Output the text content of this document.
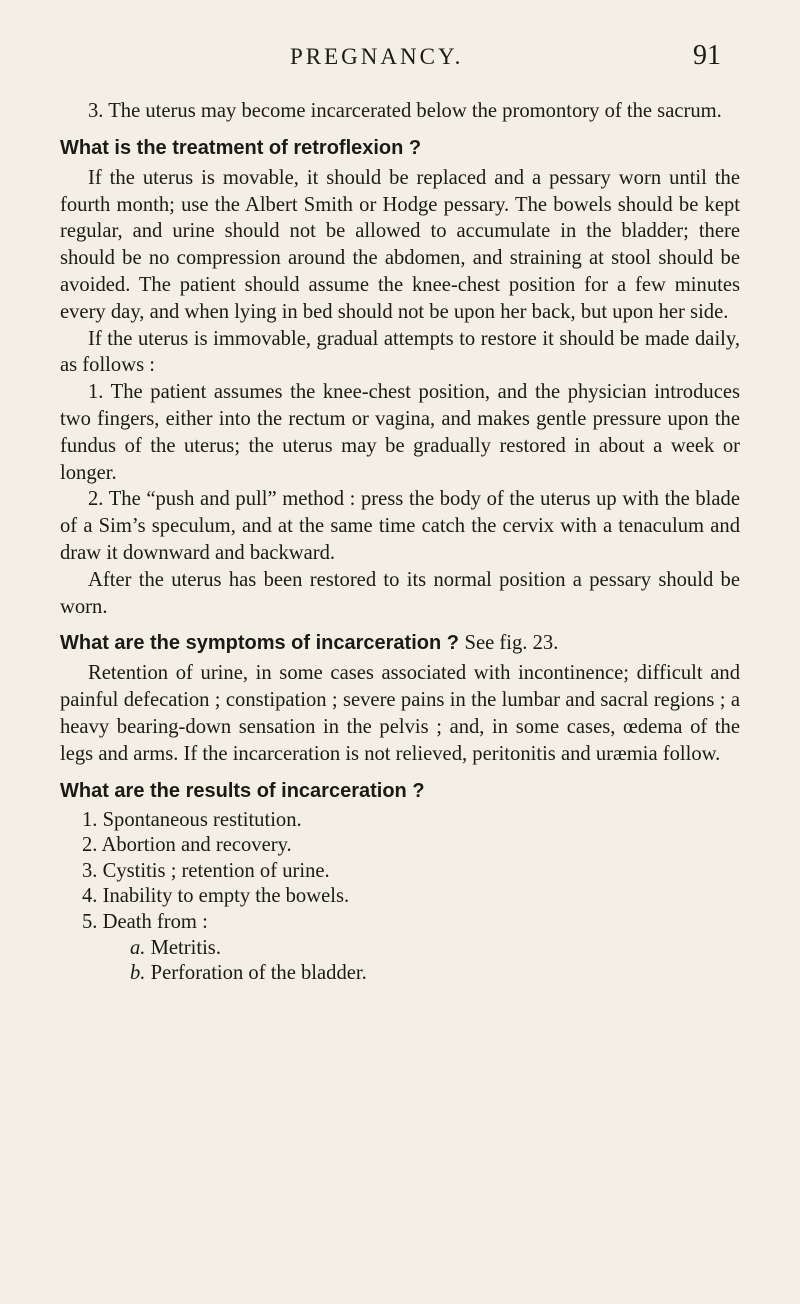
PREGNANCY.	91

3. The uterus may become incarcerated below the promontory of the sacrum.

What is the treatment of retroflexion ?

If the uterus is movable, it should be replaced and a pessary worn until the fourth month; use the Albert Smith or Hodge pessary. The bowels should be kept regular, and urine should not be allowed to accumulate in the bladder; there should be no compression around the abdomen, and straining at stool should be avoided. The patient should assume the knee-chest position for a few minutes every day, and when lying in bed should not be upon her back, but upon her side.

If the uterus is immovable, gradual attempts to restore it should be made daily, as follows :

1. The patient assumes the knee-chest position, and the physician introduces two fingers, either into the rectum or vagina, and makes gentle pressure upon the fundus of the uterus; the uterus may be gradually restored in about a week or longer.

2. The “push and pull” method : press the body of the uterus up with the blade of a Sim’s speculum, and at the same time catch the cervix with a tenaculum and draw it downward and backward.

After the uterus has been restored to its normal position a pessary should be worn.

What are the symptoms of incarceration ? See fig. 23.

Retention of urine, in some cases associated with incontinence; difficult and painful defecation ; constipation ; severe pains in the lumbar and sacral regions ; a heavy bearing-down sensation in the pelvis ; and, in some cases, œdema of the legs and arms. If the incarceration is not relieved, peritonitis and uræmia follow.

What are the results of incarceration ?
1. Spontaneous restitution.
2. Abortion and recovery.
3. Cystitis ; retention of urine.
4. Inability to empty the bowels.
5. Death from :
a. Metritis.
b. Perforation of the bladder.
